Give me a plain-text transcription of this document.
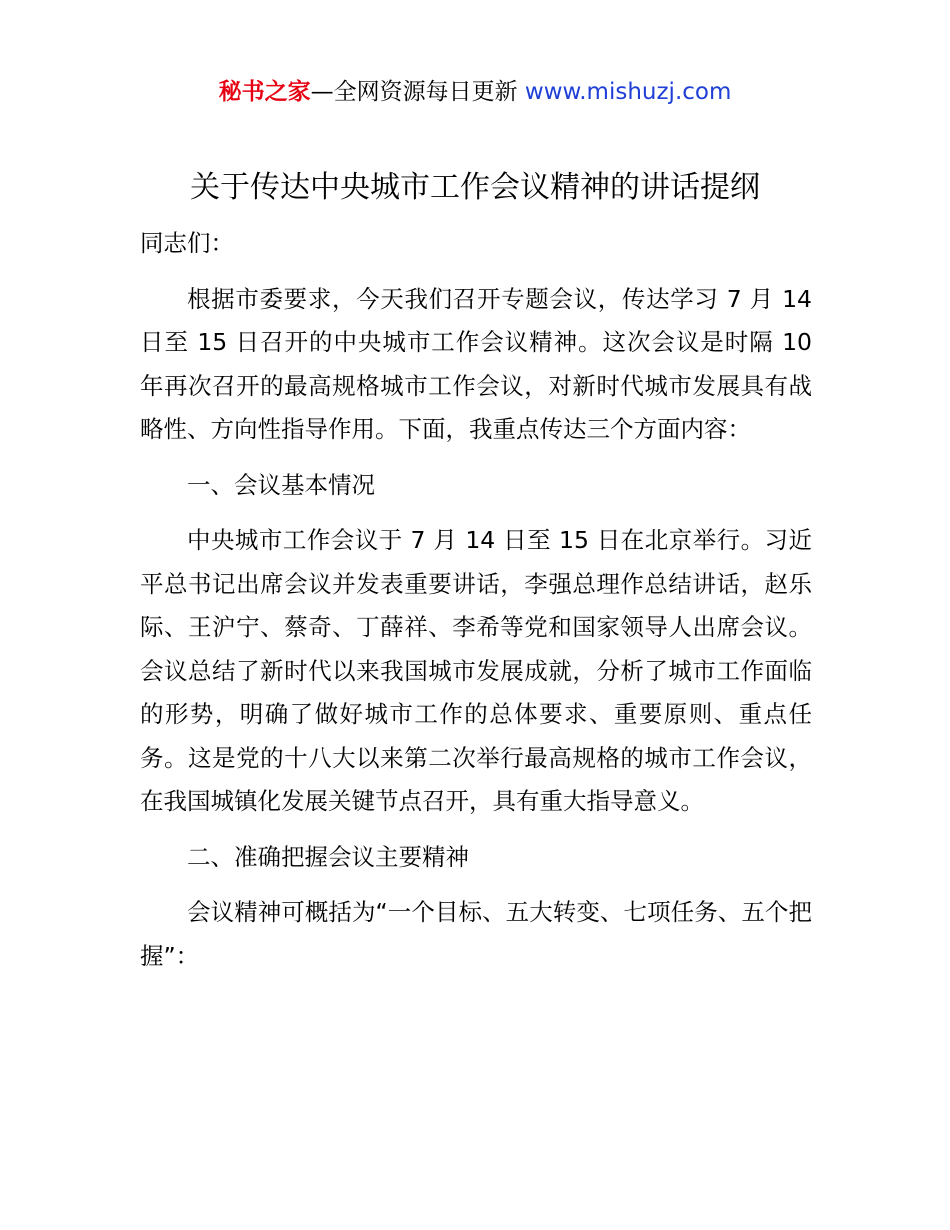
秘书之家—全网资源每日更新 www.mishuzj.com
关于传达中央城市工作会议精神的讲话提纲

同志们：

根据市委要求，今天我们召开专题会议，传达学习 7 月 14 日至 15 日召开的中央城市工作会议精神。这次会议是时隔 10 年再次召开的最高规格城市工作会议，对新时代城市发展具有战略性、方向性指导作用。下面，我重点传达三个方面内容：

一、会议基本情况

中央城市工作会议于 7 月 14 日至 15 日在北京举行。习近平总书记出席会议并发表重要讲话，李强总理作总结讲话，赵乐际、王沪宁、蔡奇、丁薛祥、李希等党和国家领导人出席会议。会议总结了新时代以来我国城市发展成就，分析了城市工作面临的形势，明确了做好城市工作的总体要求、重要原则、重点任务。这是党的十八大以来第二次举行最高规格的城市工作会议，在我国城镇化发展关键节点召开，具有重大指导意义。

二、准确把握会议主要精神

会议精神可概括为“一个目标、五大转变、七项任务、五个把握”：
